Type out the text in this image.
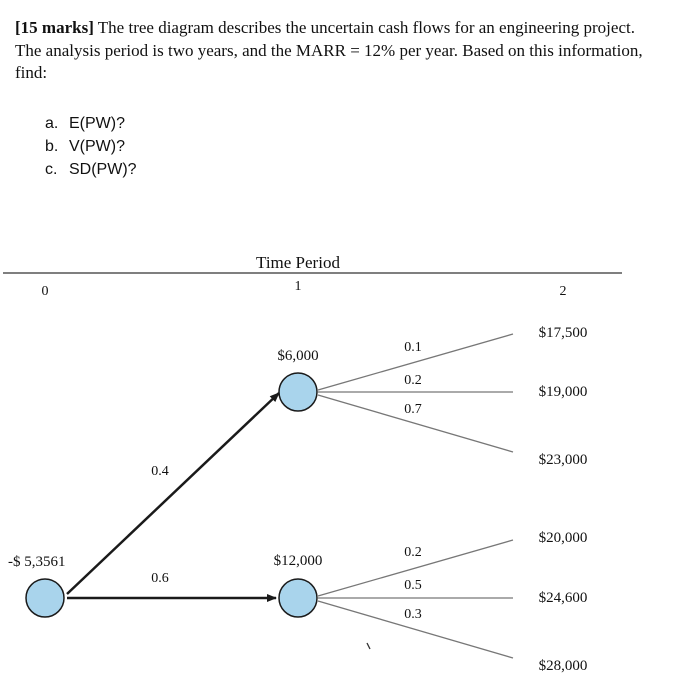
[15 marks] The tree diagram describes the uncertain cash flows for an engineering project.
The analysis period is two years, and the MARR = 12% per year. Based on this information,
find:
a. E(PW)?
b. V(PW)?
c. SD(PW)?
Time Period
0	1	2
0.4
0.6
0.1
0.2
0.7
$17,500
$19,000
$23,000
0.2
0.5
0.3
$20,000
$24,600
$28,000
$6,000
$12,000
-$ 5,3561
